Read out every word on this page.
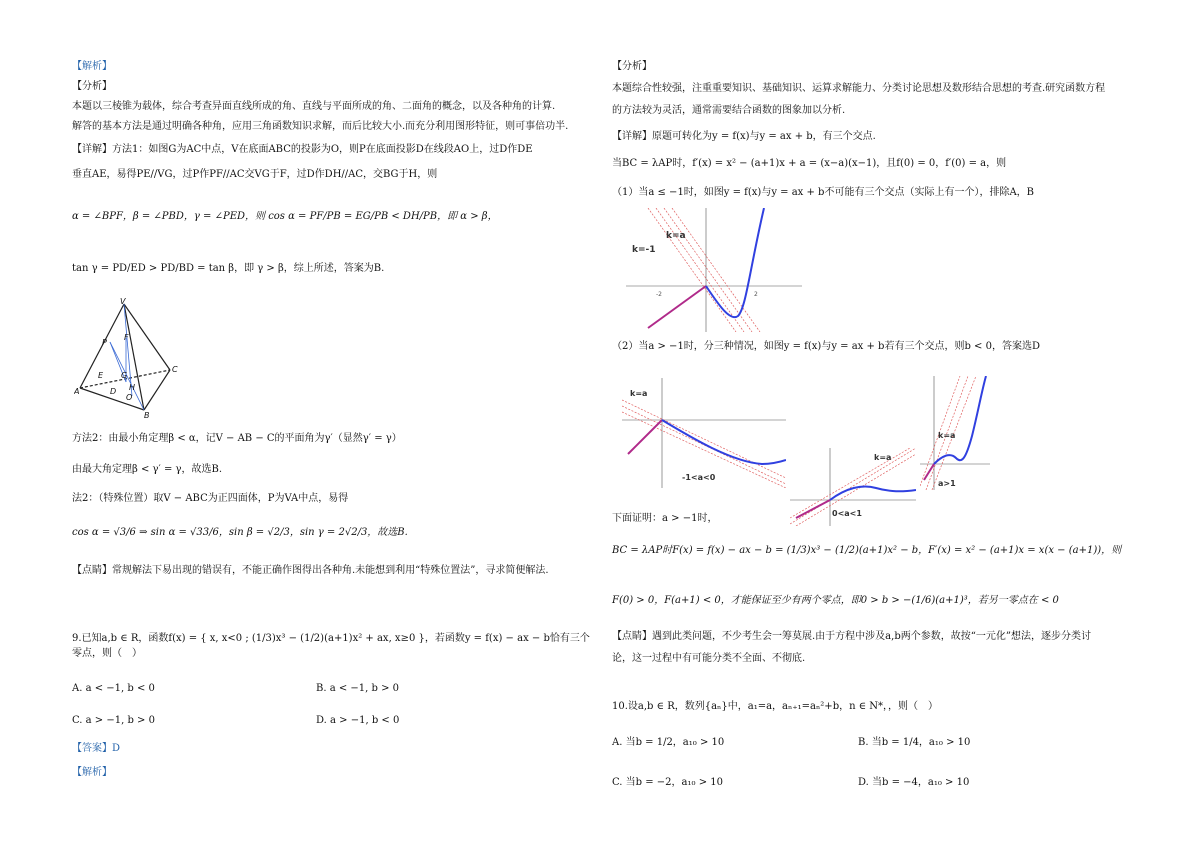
【解析】
【分析】
本题以三棱锥为载体，综合考查异面直线所成的角、直线与平面所成的角、二面角的概念，以及各种角的计算.
解答的基本方法是通过明确各种角，应用三角函数知识求解，而后比较大小.而充分利用图形特征，则可事倍功半.
【详解】方法1：如图G为AC中点，V在底面ABC的投影为O，则P在底面投影D在线段AO上，过D作DE
垂直AE，易得PE//VG，过P作PF//AC交VG于F，过D作DH//AC，交BG于H，则
α = ∠BPF，β = ∠PBD，γ = ∠PED，则 cos α = PF/PB = EG/PB < DH/PB，即 α > β，
tan γ = PD/ED > PD/BD = tan β，即 γ > β，综上所述，答案为B.
V
F
P
E G
C
A	D H
O
B
方法2：由最小角定理β < α，记V − AB − C的平面角为γ′（显然γ′ = γ）
由最大角定理β < γ′ = γ，故选B.
法2：（特殊位置）取V − ABC为正四面体，P为VA中点，易得
cos α = √3/6 ⇒ sin α = √33/6，sin β = √2/3，sin γ = 2√2/3，故选B.
【点睛】常规解法下易出现的错误有，不能正确作图得出各种角.未能想到利用“特殊位置法”，寻求简便解法.
9.已知a,b ∈ R，函数f(x) = { x, x<0 ; (1/3)x³ − (1/2)(a+1)x² + ax, x≥0 }，若函数y = f(x) − ax − b恰有三个零点，则（　）
A. a < −1, b < 0	B. a < −1, b > 0
C. a > −1, b > 0	D. a > −1, b < 0
【答案】D
【解析】
【分析】
本题综合性较强，注重重要知识、基础知识、运算求解能力、分类讨论思想及数形结合思想的考查.研究函数方程
的方法较为灵活，通常需要结合函数的图象加以分析.
【详解】原题可转化为y = f(x)与y = ax + b，有三个交点.
当BC = λAP时，f′(x) = x² − (a+1)x + a = (x−a)(x−1)，且f(0) = 0，f′(0) = a，则
（1）当a ≤ −1时，如图y = f(x)与y = ax + b不可能有三个交点（实际上有一个），排除A，B
k=a
k=-1
-2	2
（2）当a > −1时，分三种情况，如图y = f(x)与y = ax + b若有三个交点，则b < 0，答案选D
k=a
-1<a<0
k=a
0<a<1
k=a
a>1
下面证明：a > −1时，
BC = λAP时F(x) = f(x) − ax − b = (1/3)x³ − (1/2)(a+1)x² − b，F′(x) = x² − (a+1)x = x(x − (a+1))，则
F(0) > 0，F(a+1) < 0，才能保证至少有两个零点，即0 > b > −(1/6)(a+1)³，若另一零点在 < 0
【点睛】遇到此类问题，不少考生会一筹莫展.由于方程中涉及a,b两个参数，故按“一元化”想法，逐步分类讨
论，这一过程中有可能分类不全面、不彻底.
10.设a,b ∈ R，数列{aₙ}中，a₁=a，aₙ₊₁=aₙ²+b，n ∈ N*，，则（　）
A. 当b = 1/2，a₁₀ > 10	B. 当b = 1/4，a₁₀ > 10
C. 当b = −2，a₁₀ > 10	D. 当b = −4，a₁₀ > 10
